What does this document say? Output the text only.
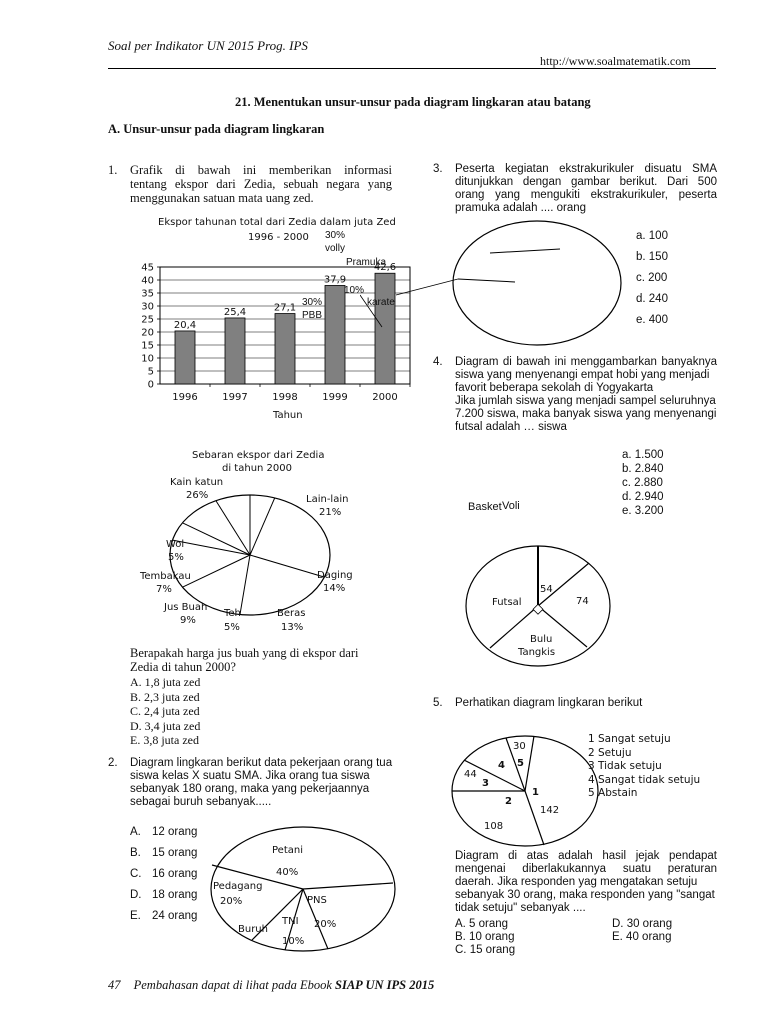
Soal per Indikator UN 2015 Prog. IPS
http://www.soalmatematik.com
21. Menentukan unsur-unsur pada diagram lingkaran atau batang
A. Unsur-unsur pada diagram lingkaran
1. Grafik di bawah ini memberikan informasi
tentang ekspor dari Zedia, sebuah negara yang
menggunakan satuan mata uang zed.
Ekspor tahunan total dari Zedia dalam juta Zed
1996 - 2000
0
5
10
15
20
25
30
35
40
45
20,4
1996
25,4
1997
27,1
1998
37,9
1999
42,6
2000
Tahun
30%
volly
Pramuka
10%
30%
PBB
karate
Sebaran ekspor dari Zedia
di tahun 2000
Kain katun
26%	Lain-lain
21%
Daging
14%
Beras
13%
Teh
5%
Jus Buah
9%
Tembakau
7%
Wol
5%
Berapakah harga jus buah yang di ekspor dari
Zedia di tahun 2000?
A. 1,8 juta zed
B. 2,3 juta zed
C. 2,4 juta zed
D. 3,4 juta zed
E. 3,8 juta zed
2. Diagram lingkaran berikut data pekerjaan orang tua
siswa kelas X suatu SMA. Jika orang tua siswa
sebanyak 180 orang, maka yang pekerjaannya
sebagai buruh sebanyak.....
A. 12 orang
B. 15 orang
C. 16 orang
D. 18 orang
E. 24 orang
Petani
40%
Pedagang
20%	PNS
20%
TNI
10%
Buruh
3. Peserta kegiatan ekstrakurikuler disuatu SMA
ditunjukkan dengan gambar berikut. Dari 500
orang yang mengukiti ekstrakurikuler, peserta
pramuka adalah .... orang
a. 100
b. 150
c. 200
d. 240
e. 400
4. Diagram di bawah ini menggambarkan banyaknya
siswa yang menyenangi empat hobi yang menjadi
favorit beberapa sekolah di Yogyakarta
Jika jumlah siswa yang menjadi sampel seluruhnya
7.200 siswa, maka banyak siswa yang menyenangi
futsal adalah … siswa
a. 1.500
b. 2.840
c. 2.880
d. 2.940
e. 3.200
Basket Voli
54
74
Futsal
Bulu
Tangkis
5. Perhatikan diagram lingkaran berikut
30
44
142
108
4 5
3
2
1
1 Sangat setuju
2 Setuju
3 Tidak setuju
4 Sangat tidak setuju
5 Abstain
Diagram di atas adalah hasil jejak pendapat
mengenai diberlakukannya suatu peraturan
daerah. Jika responden yag mengatakan setuju
sebanyak 30 orang, maka responden yang "sangat
tidak setuju" sebanyak ....
A. 5 orang
B. 10 orang
C. 15 orang
D. 30 orang
E. 40 orang
47 Pembahasan dapat di lihat pada Ebook SIAP UN IPS 2015
